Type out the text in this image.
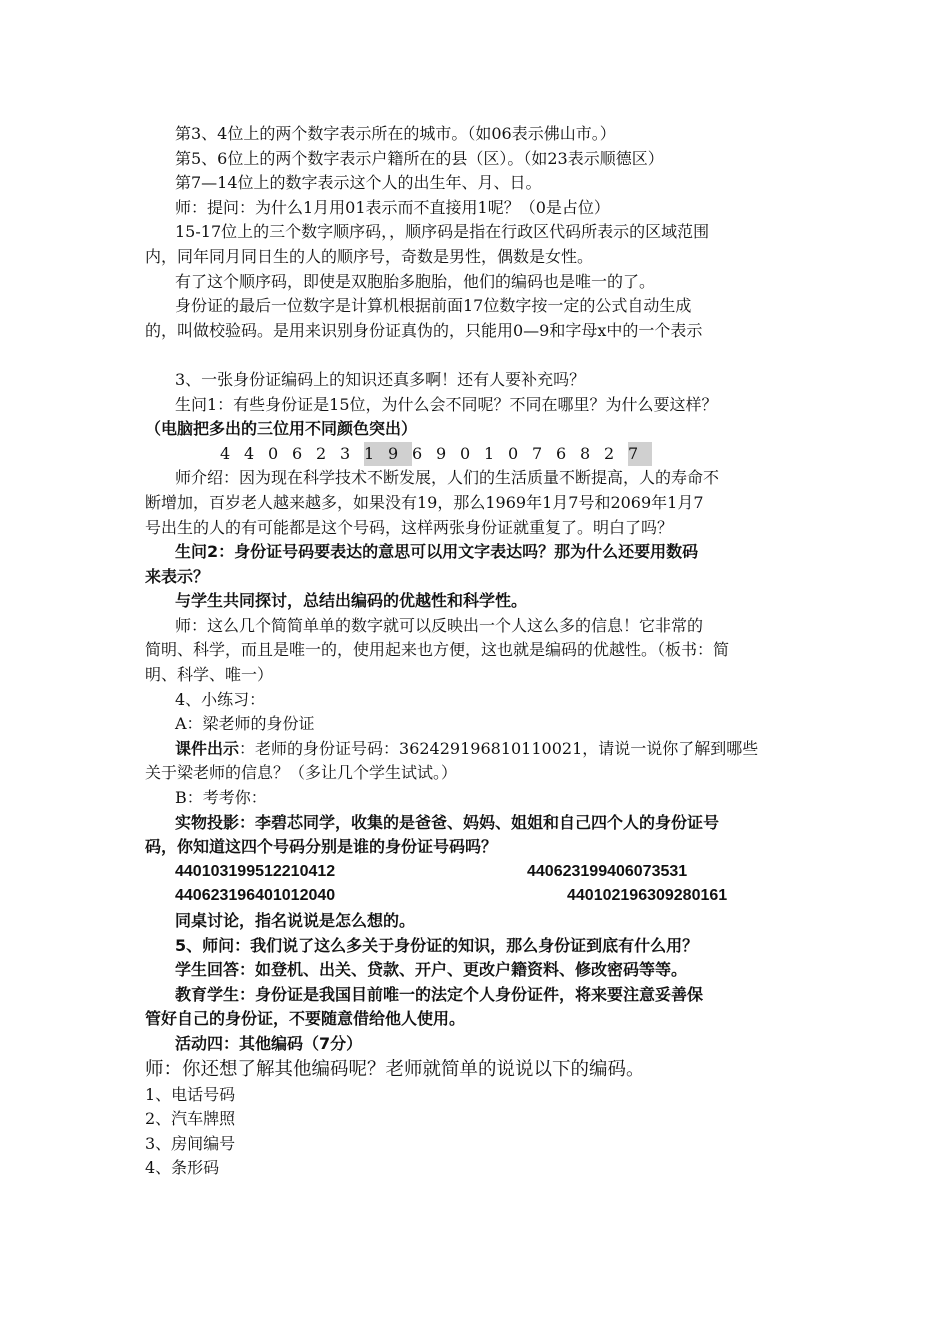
第3、4位上的两个数字表示所在的城市。（如06表示佛山市。）
第5、6位上的两个数字表示户籍所在的县（区）。（如23表示顺德区）
第7—14位上的数字表示这个人的出生年、月、日。
师：提问：为什么1月用01表示而不直接用1呢？（0是占位）
15-17位上的三个数字顺序码，，顺序码是指在行政区代码所表示的区域范围
内，同年同月同日生的人的顺序号，奇数是男性，偶数是女性。
有了这个顺序码，即使是双胞胎多胞胎，他们的编码也是唯一的了。
身份证的最后一位数字是计算机根据前面17位数字按一定的公式自动生成
的，叫做校验码。是用来识别身份证真伪的，只能用0—9和字母x中的一个表示
3、一张身份证编码上的知识还真多啊！还有人要补充吗？
生问1：有些身份证是15位，为什么会不同呢？不同在哪里？为什么要这样？
（电脑把多出的三位用不同颜色突出）
4 4 0 6 2 3 1 9 6 9 0 1 0 7 6 8 2 7
师介绍：因为现在科学技术不断发展，人们的生活质量不断提高，人的寿命不
断增加，百岁老人越来越多，如果没有19，那么1969年1月7号和2069年1月7
号出生的人的有可能都是这个号码，这样两张身份证就重复了。明白了吗？
生问2：身份证号码要表达的意思可以用文字表达吗？那为什么还要用数码
来表示？
与学生共同探讨，总结出编码的优越性和科学性。
师：这么几个简简单单的数字就可以反映出一个人这么多的信息！它非常的
简明、科学，而且是唯一的，使用起来也方便，这也就是编码的优越性。（板书：简
明、科学、唯一）
4、小练习：
A：梁老师的身份证
课件出示：老师的身份证号码：362429196810110021，请说一说你了解到哪些
关于梁老师的信息？（多让几个学生试试。）
B：考考你：
实物投影：李碧芯同学，收集的是爸爸、妈妈、姐姐和自己四个人的身份证号
码，你知道这四个号码分别是谁的身份证号码吗？
440103199512210412	440623199406073531
440623196401012040	440102196309280161
同桌讨论，指名说说是怎么想的。
5、师问：我们说了这么多关于身份证的知识，那么身份证到底有什么用？
学生回答：如登机、出关、贷款、开户、更改户籍资料、修改密码等等。
教育学生：身份证是我国目前唯一的法定个人身份证件，将来要注意妥善保
管好自己的身份证，不要随意借给他人使用。
活动四：其他编码（7分）
师：你还想了解其他编码呢？老师就简单的说说以下的编码。
1、电话号码
2、汽车牌照
3、房间编号
4、条形码
